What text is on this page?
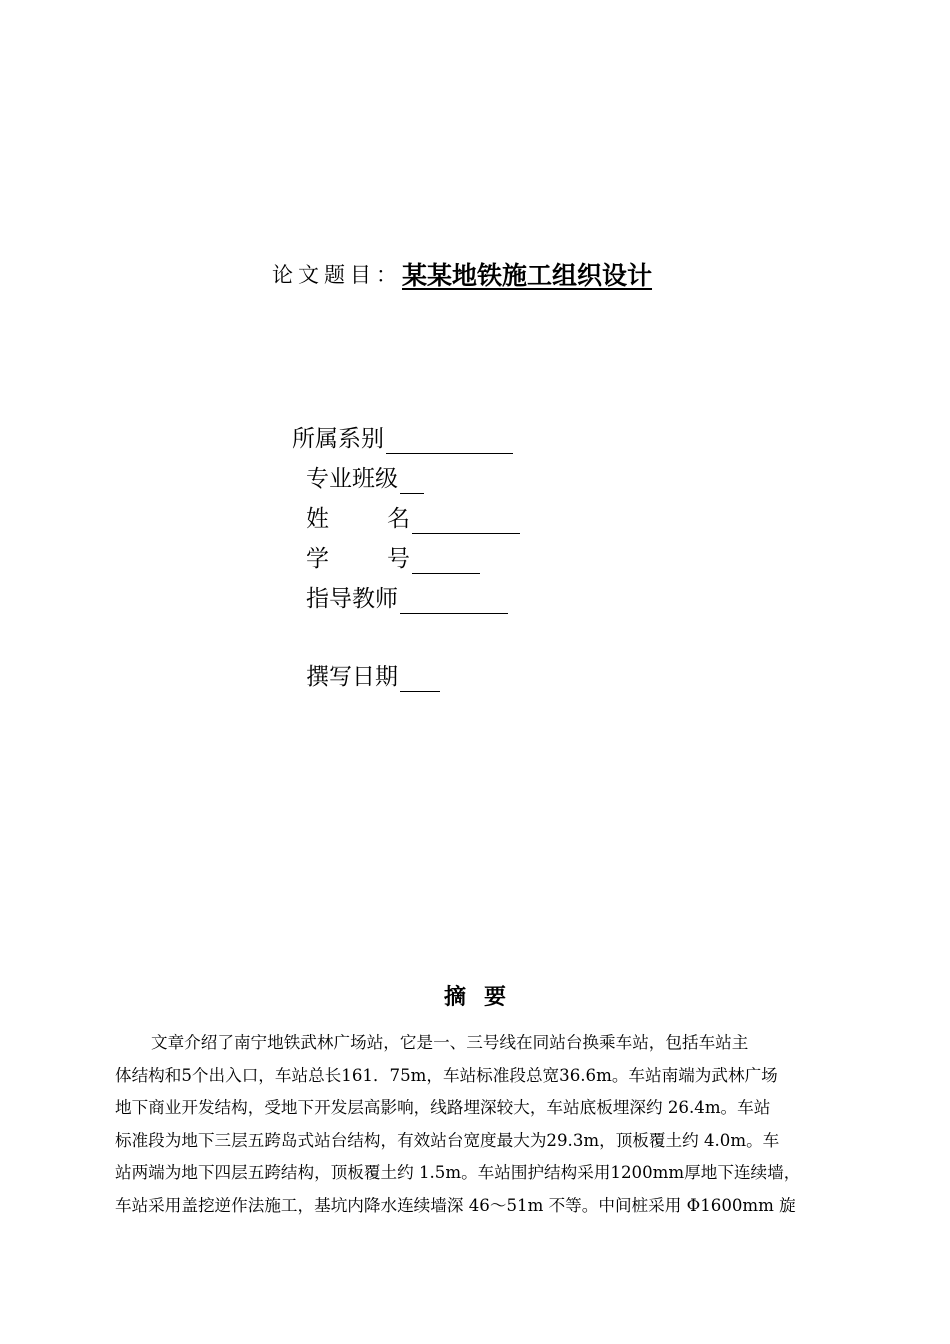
论文题目：某某地铁施工组织设计
所属系别
专业班级
姓	名
学	号
指导教师
撰写日期
摘要
文章介绍了南宁地铁武林广场站，它是一、三号线在同站台换乘车站，包括车站主
体结构和5个出入口，车站总长161．75m，车站标准段总宽36.6m。车站南端为武林广场
地下商业开发结构，受地下开发层高影响，线路埋深较大，车站底板埋深约 26.4m。车站
标准段为地下三层五跨岛式站台结构，有效站台宽度最大为29.3m，顶板覆土约 4.0m。车
站两端为地下四层五跨结构，顶板覆土约 1.5m。车站围护结构采用1200mm厚地下连续墙，
车站采用盖挖逆作法施工，基坑内降水连续墙深 46～51m 不等。中间桩采用 Φ1600mm 旋
